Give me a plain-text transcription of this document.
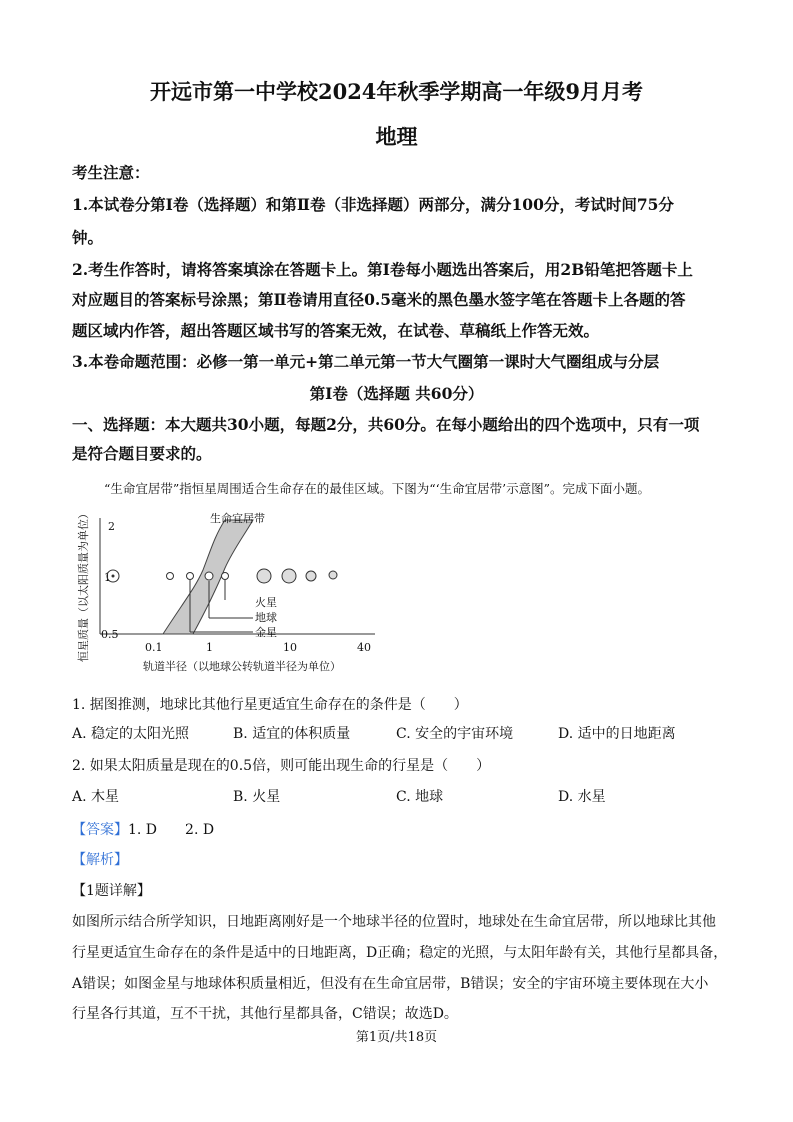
开远市第一中学校2024年秋季学期高一年级9月月考
地理
考生注意：
1.本试卷分第Ⅰ卷（选择题）和第Ⅱ卷（非选择题）两部分，满分100分，考试时间75分
钟。
2.考生作答时，请将答案填涂在答题卡上。第Ⅰ卷每小题选出答案后，用2B铅笔把答题卡上
对应题目的答案标号涂黑；第Ⅱ卷请用直径0.5毫米的黑色墨水签字笔在答题卡上各题的答
题区域内作答，超出答题区域书写的答案无效，在试卷、草稿纸上作答无效。
3.本卷命题范围：必修一第一单元+第二单元第一节大气圈第一课时大气圈组成与分层
第Ⅰ卷（选择题 共60分）
一、选择题：本大题共30小题，每题2分，共60分。在每小题给出的四个选项中，只有一项
是符合题目要求的。
“生命宜居带”指恒星周围适合生命存在的最佳区域。下图为“‘生命宜居带’示意图”。完成下面小题。
恒星质量（以太阳质量为单位） 2
1
0.5
生命宜居带
火星
地球
金星
0.1	1	10	40
轨道半径（以地球公转轨道半径为单位）
1. 据图推测，地球比其他行星更适宜生命存在的条件是（　　）
A. 稳定的太阳光照	B. 适宜的体积质量	C. 安全的宇宙环境	D. 适中的日地距离
2. 如果太阳质量是现在的0.5倍，则可能出现生命的行星是（　　）
A. 木星	B. 火星	C. 地球	D. 水星
【答案】1. D　　2. D
【解析】
【1题详解】
如图所示结合所学知识，日地距离刚好是一个地球半径的位置时，地球处在生命宜居带，所以地球比其他
行星更适宜生命存在的条件是适中的日地距离，D正确；稳定的光照，与太阳年龄有关，其他行星都具备，
A错误；如图金星与地球体积质量相近，但没有在生命宜居带，B错误；安全的宇宙环境主要体现在大小
行星各行其道，互不干扰，其他行星都具备，C错误；故选D。
第1页/共18页
